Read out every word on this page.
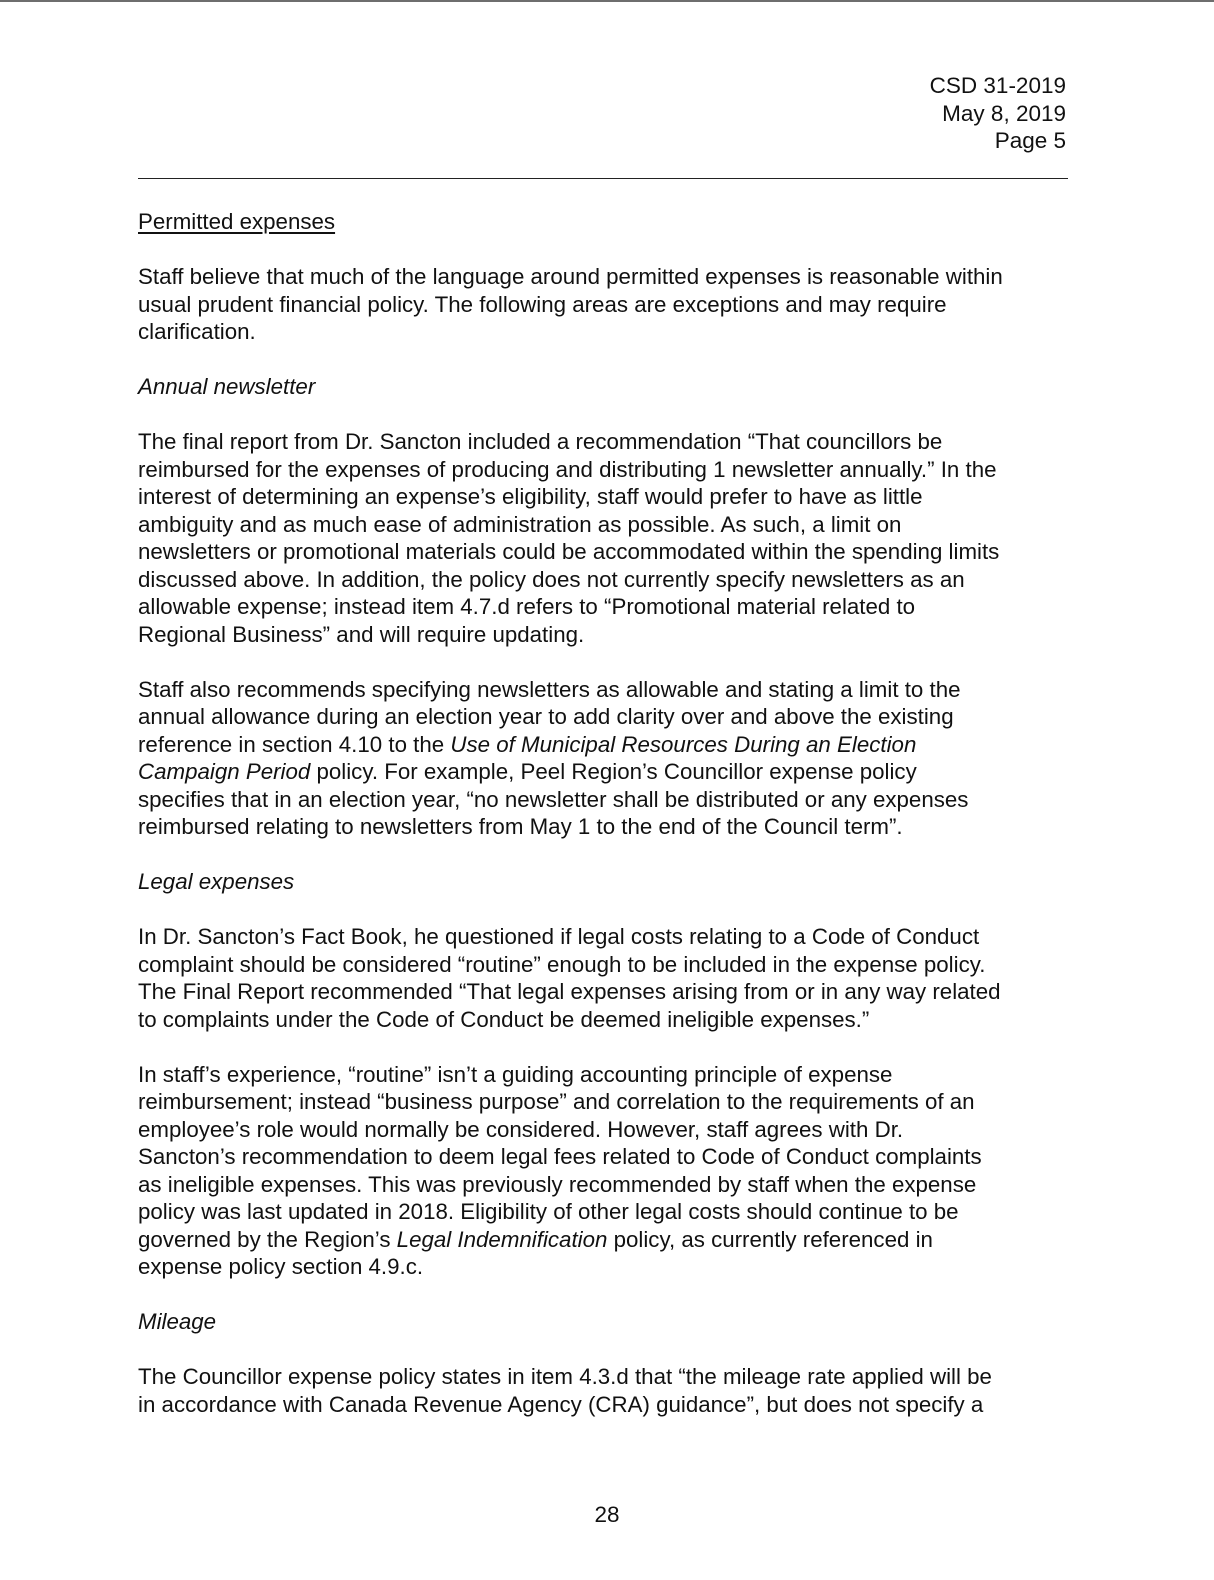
CSD 31-2019
May 8, 2019
Page 5
Permitted expenses

Staff believe that much of the language around permitted expenses is reasonable within
usual prudent financial policy. The following areas are exceptions and may require
clarification.

Annual newsletter

The final report from Dr. Sancton included a recommendation “That councillors be
reimbursed for the expenses of producing and distributing 1 newsletter annually.” In the
interest of determining an expense’s eligibility, staff would prefer to have as little
ambiguity and as much ease of administration as possible. As such, a limit on
newsletters or promotional materials could be accommodated within the spending limits
discussed above. In addition, the policy does not currently specify newsletters as an
allowable expense; instead item 4.7.d refers to “Promotional material related to
Regional Business” and will require updating.

Staff also recommends specifying newsletters as allowable and stating a limit to the
annual allowance during an election year to add clarity over and above the existing
reference in section 4.10 to the Use of Municipal Resources During an Election
Campaign Period policy. For example, Peel Region’s Councillor expense policy
specifies that in an election year, “no newsletter shall be distributed or any expenses
reimbursed relating to newsletters from May 1 to the end of the Council term”.

Legal expenses

In Dr. Sancton’s Fact Book, he questioned if legal costs relating to a Code of Conduct
complaint should be considered “routine” enough to be included in the expense policy.
The Final Report recommended “That legal expenses arising from or in any way related
to complaints under the Code of Conduct be deemed ineligible expenses.”

In staff’s experience, “routine” isn’t a guiding accounting principle of expense
reimbursement; instead “business purpose” and correlation to the requirements of an
employee’s role would normally be considered. However, staff agrees with Dr.
Sancton’s recommendation to deem legal fees related to Code of Conduct complaints
as ineligible expenses. This was previously recommended by staff when the expense
policy was last updated in 2018. Eligibility of other legal costs should continue to be
governed by the Region’s Legal Indemnification policy, as currently referenced in
expense policy section 4.9.c.

Mileage

The Councillor expense policy states in item 4.3.d that “the mileage rate applied will be
in accordance with Canada Revenue Agency (CRA) guidance”, but does not specify a

28
